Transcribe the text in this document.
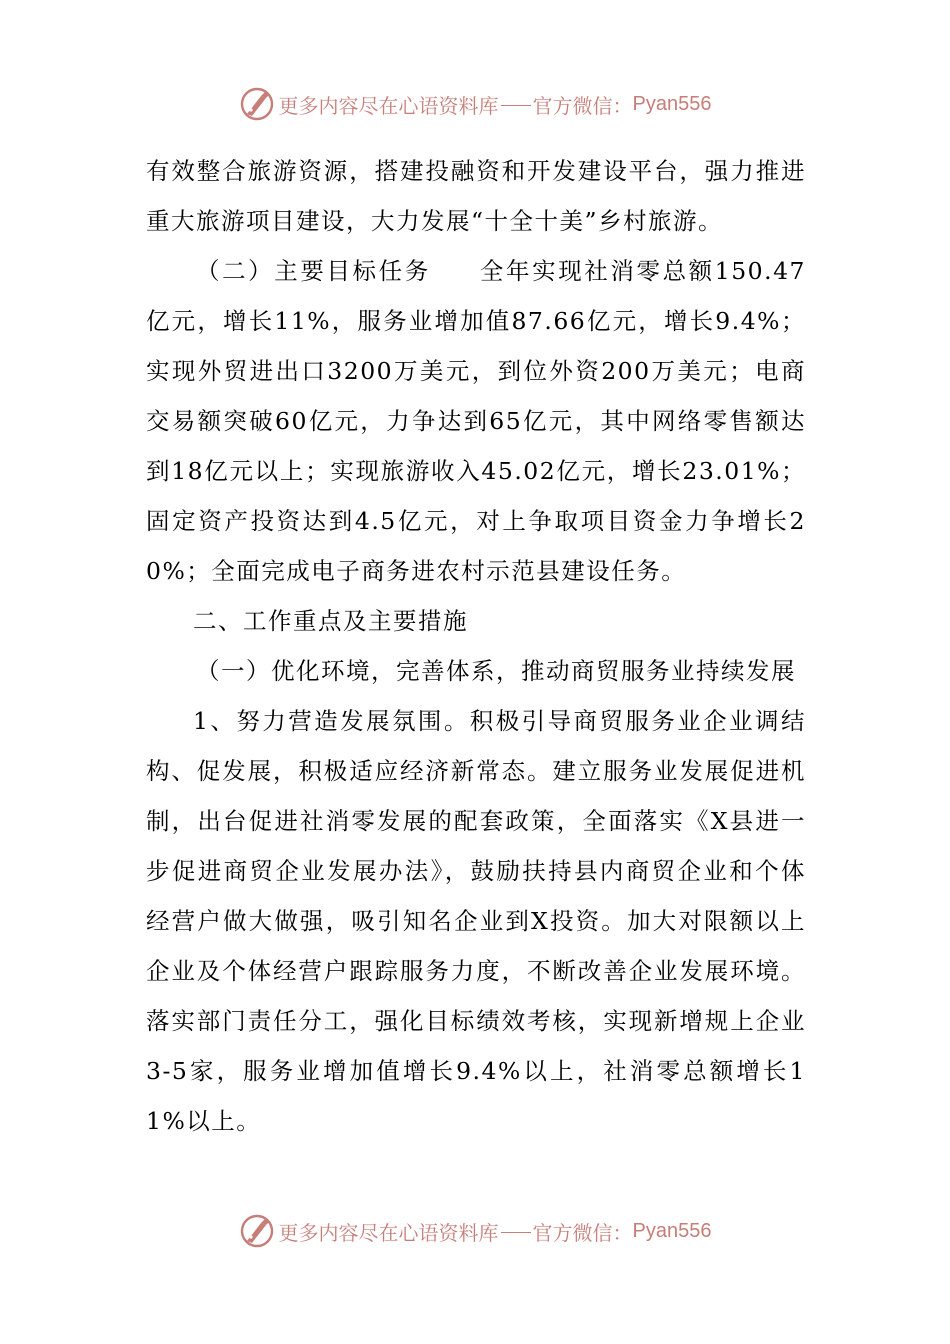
更多内容尽在心语资料库 官方微信： Pyan556

有效整合旅游资源，搭建投融资和开发建设平台，强力推进重大旅游项目建设，大力发展“十全十美”乡村旅游。

（二）主要目标任务 全年实现社消零总额150.47亿元，增长11%，服务业增加值87.66亿元，增长9.4%；实现外贸进出口3200万美元，到位外资200万美元；电商交易额突破60亿元，力争达到65亿元，其中网络零售额达到18亿元以上；实现旅游收入45.02亿元，增长23.01%；固定资产投资达到4.5亿元，对上争取项目资金力争增长20%；全面完成电子商务进农村示范县建设任务。

二、工作重点及主要措施

（一）优化环境，完善体系，推动商贸服务业持续发展

1、努力营造发展氛围。积极引导商贸服务业企业调结构、促发展，积极适应经济新常态。建立服务业发展促进机制，出台促进社消零发展的配套政策，全面落实《X县进一步促进商贸企业发展办法》，鼓励扶持县内商贸企业和个体经营户做大做强，吸引知名企业到X投资。加大对限额以上企业及个体经营户跟踪服务力度，不断改善企业发展环境。落实部门责任分工，强化目标绩效考核，实现新增规上企业3-5家，服务业增加值增长9.4%以上，社消零总额增长11%以上。

更多内容尽在心语资料库 官方微信： Pyan556
